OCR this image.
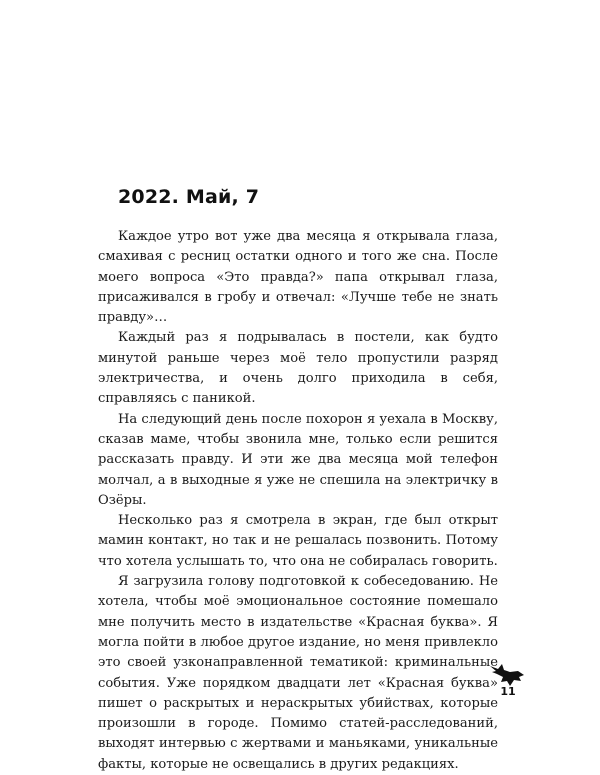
2022. Май, 7

Каждое утро вот уже два месяца я открывала глаза, смахивая с ресниц остатки одного и того же сна. После моего вопроса «Это правда?» папа открывал глаза, присаживался в гробу и отвечал: «Лучше тебе не знать правду»…

Каждый раз я подрывалась в постели, как будто минутой раньше через моё тело пропустили разряд электричества, и очень долго приходила в себя, справляясь с паникой.

На следующий день после похорон я уехала в Москву, сказав маме, чтобы звонила мне, только если решится рассказать правду. И эти же два месяца мой телефон молчал, а в выходные я уже не спешила на электричку в Озёры.

Несколько раз я смотрела в экран, где был открыт мамин контакт, но так и не решалась позвонить. Потому что хотела услышать то, что она не собиралась говорить.

Я загрузила голову подготовкой к собеседованию. Не хотела, чтобы моё эмоциональное состояние помешало мне получить место в издательстве «Красная буква». Я могла пойти в любое другое издание, но меня привлекло это своей узконаправленной тематикой: криминальные события. Уже порядком двадцати лет «Красная буква» пишет о раскрытых и нераскрытых убийствах, которые произошли в городе. Помимо статей-расследований, выходят интервью с жертвами и маньяками, уникальные факты, которые не освещались в других редакциях.

11
